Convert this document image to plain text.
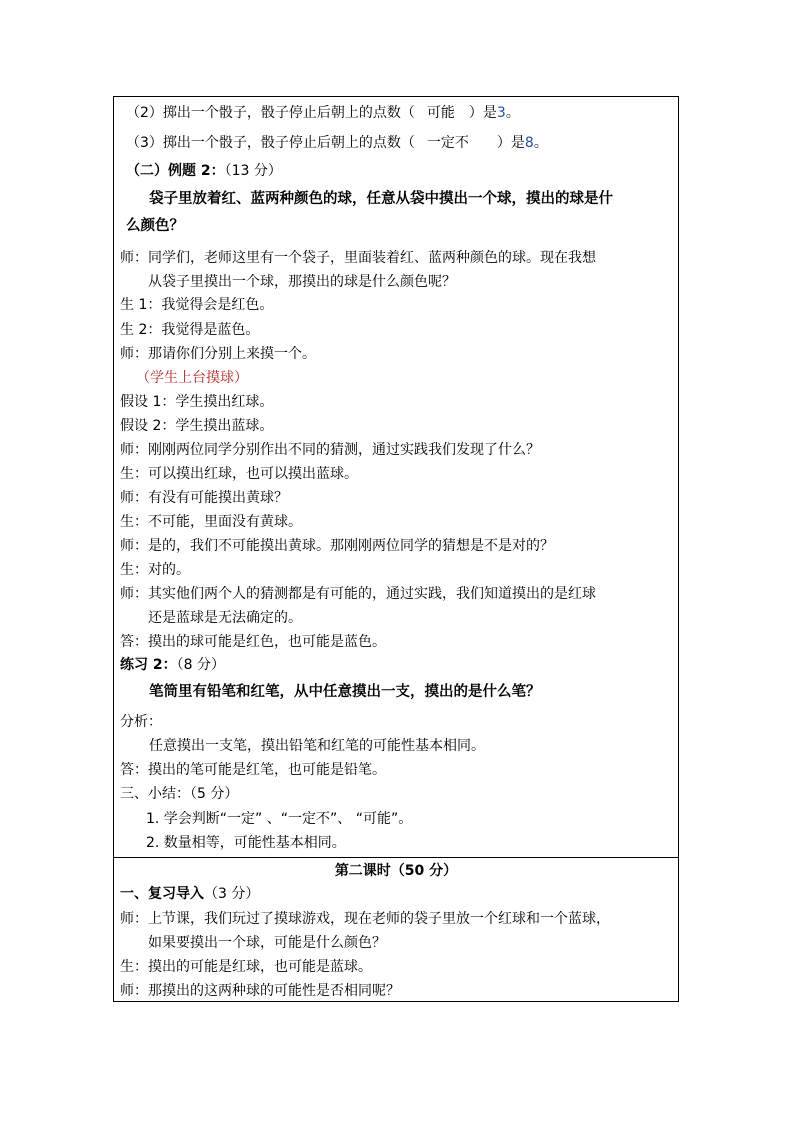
（2）掷出一个骰子，骰子停止后朝上的点数（ 可能 ）是3。
（3）掷出一个骰子，骰子停止后朝上的点数（ 一定不 ）是8。
（二）例题 2：（13 分）
袋子里放着红、蓝两种颜色的球，任意从袋中摸出一个球，摸出的球是什
么颜色？
师：同学们，老师这里有一个袋子，里面装着红、蓝两种颜色的球。现在我想
从袋子里摸出一个球，那摸出的球是什么颜色呢？
生 1：我觉得会是红色。
生 2：我觉得是蓝色。
师：那请你们分别上来摸一个。
（学生上台摸球）
假设 1：学生摸出红球。
假设 2：学生摸出蓝球。
师：刚刚两位同学分别作出不同的猜测，通过实践我们发现了什么？
生：可以摸出红球，也可以摸出蓝球。
师：有没有可能摸出黄球？
生：不可能，里面没有黄球。
师：是的，我们不可能摸出黄球。那刚刚两位同学的猜想是不是对的？
生：对的。
师：其实他们两个人的猜测都是有可能的，通过实践，我们知道摸出的是红球
还是蓝球是无法确定的。
答：摸出的球可能是红色，也可能是蓝色。
练习 2：（8 分）
笔筒里有铅笔和红笔，从中任意摸出一支，摸出的是什么笔？
分析：
任意摸出一支笔，摸出铅笔和红笔的可能性基本相同。
答：摸出的笔可能是红笔，也可能是铅笔。
三、小结：（5 分）
1. 学会判断“一定” 、“一定不”、 “可能”。
2. 数量相等，可能性基本相同。
第二课时（50 分）
一、复习导入（3 分）
师：上节课，我们玩过了摸球游戏，现在老师的袋子里放一个红球和一个蓝球，
如果要摸出一个球，可能是什么颜色？
生：摸出的可能是红球，也可能是蓝球。
师：那摸出的这两种球的可能性是否相同呢？
